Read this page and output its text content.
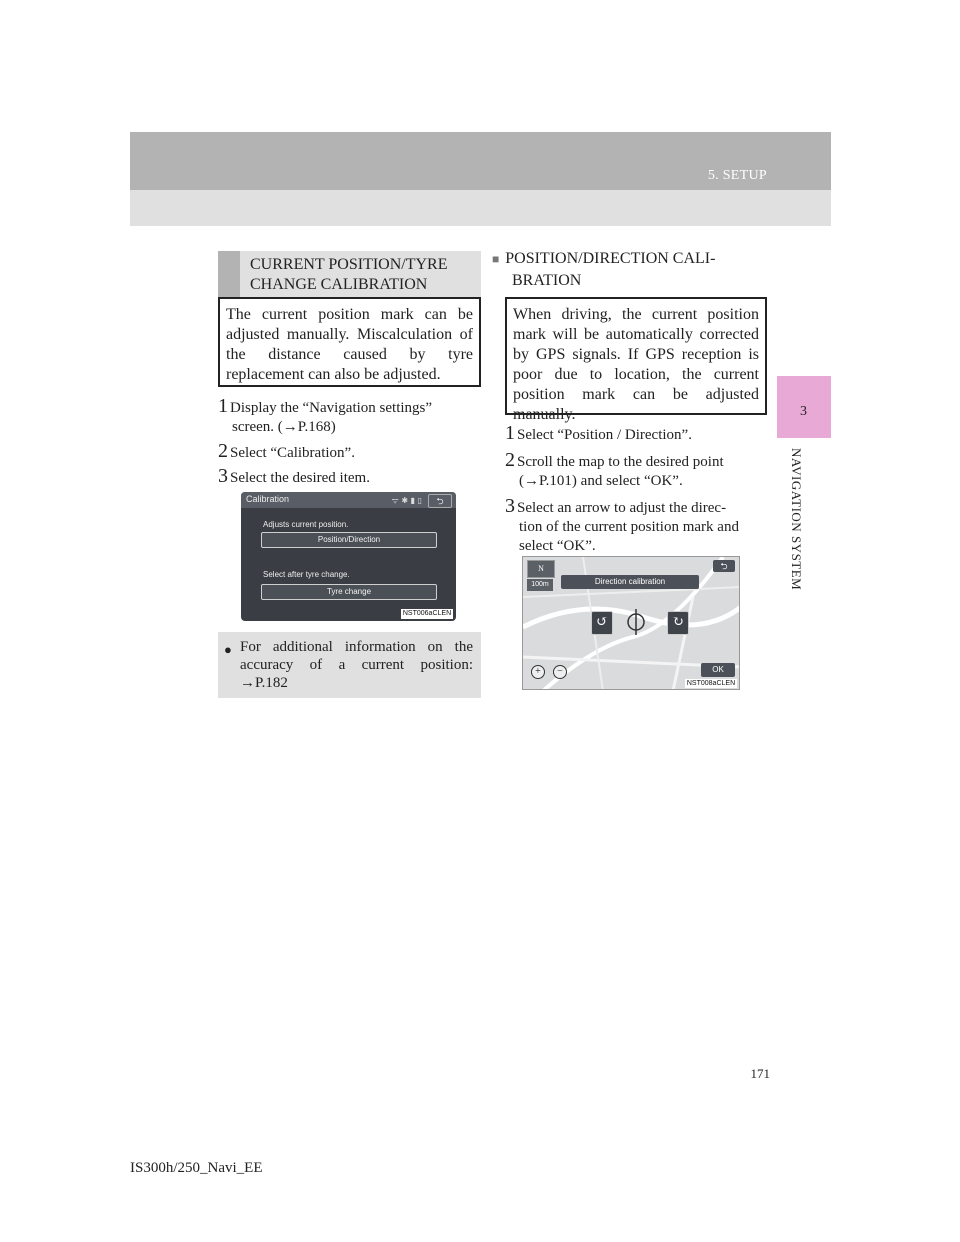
5. SETUP
3
NAVIGATION SYSTEM
CURRENT POSITION/TYRE
CHANGE CALIBRATION
The current position mark can be adjusted manually. Miscalculation of the distance caused by tyre replacement can also be adjusted.
1 Display the “Navigation settings”
screen. (→P.168)
2 Select “Calibration”.
3 Select the desired item.
Calibration	ᯤ ✱ ▮ ▯	⮌
Adjusts current position.
Position/Direction
Select after tyre change.
Tyre change
NST006aCLEN
● For additional information on the accuracy of a current position: →P.182
■ POSITION/DIRECTION CALI-
BRATION
When driving, the current position mark will be automatically corrected by GPS signals. If GPS reception is poor due to location, the current position mark can be adjusted manually.
1 Select “Position / Direction”.
2 Scroll the map to the desired point
(→P.101) and select “OK”.
3 Select an arrow to adjust the direc-
tion of the current position mark and
select “OK”.
N
100m	Direction calibration
⮌
↺	↻
+	−	OK
NST008aCLEN
171
IS300h/250_Navi_EE
